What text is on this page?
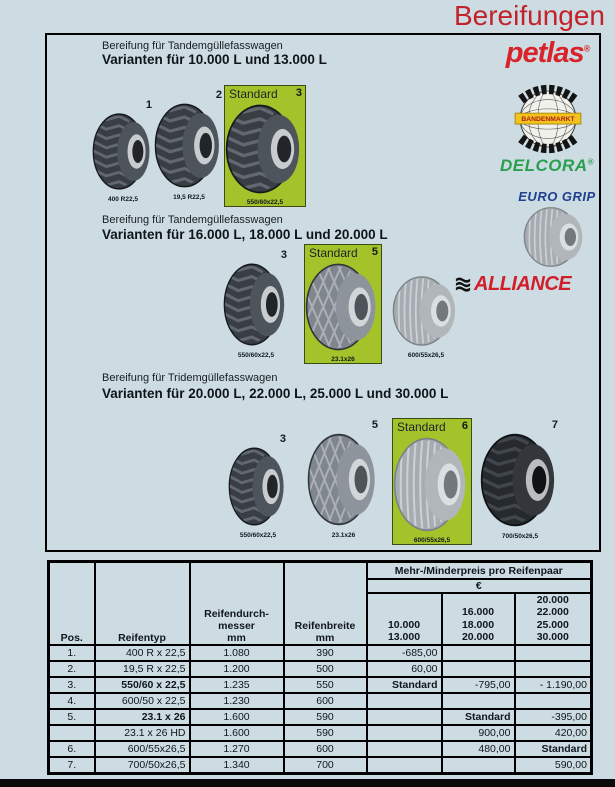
Bereifungen
Bereifung für Tandemgüllefasswagen
Varianten für 10.000 L und 13.000 L
1
400 R22,5
2
19,5 R22,5
Standard 3
550/60x22,5
Bereifung für Tandemgüllefasswagen
Varianten für 16.000 L, 18.000 L und 20.000 L
3
550/60x22,5
Standard 5
23.1x26
600/55x26,5
Bereifung für Tridemgüllefasswagen
Varianten für 20.000 L, 22.000 L, 25.000 L und 30.000 L
3
550/60x22,5
5
23.1x26
Standard 6
600/55x26,5
7
700/50x26,5
petlas®
BANDENMARKT
DELCORA®
EURO GRIP
ALLIANCE
Pos.	Reifentyp	Reifendurch-
messer
mm	Reifenbreite
mm	Mehr-/Minderpreis pro Reifenpaar		
				€		
				10.000
13.000	16.000
18.000
20.000	20.000
22.000
25.000
30.000
1.	400 R x 22,5	1.080	390	-685,00		
2.	19,5 R x 22,5	1.200	500	60,00		
3.	550/60 x 22,5	1.235	550	Standard	-795,00	- 1.190,00
4.	600/50 x 22,5	1.230	600			
5.	23.1 x 26	1.600	590		Standard	-395,00
	23.1 x 26 HD	1.600	590		900,00	420,00
6.	600/55x26,5	1.270	600		480,00	Standard
7.	700/50x26,5	1.340	700			590,00
